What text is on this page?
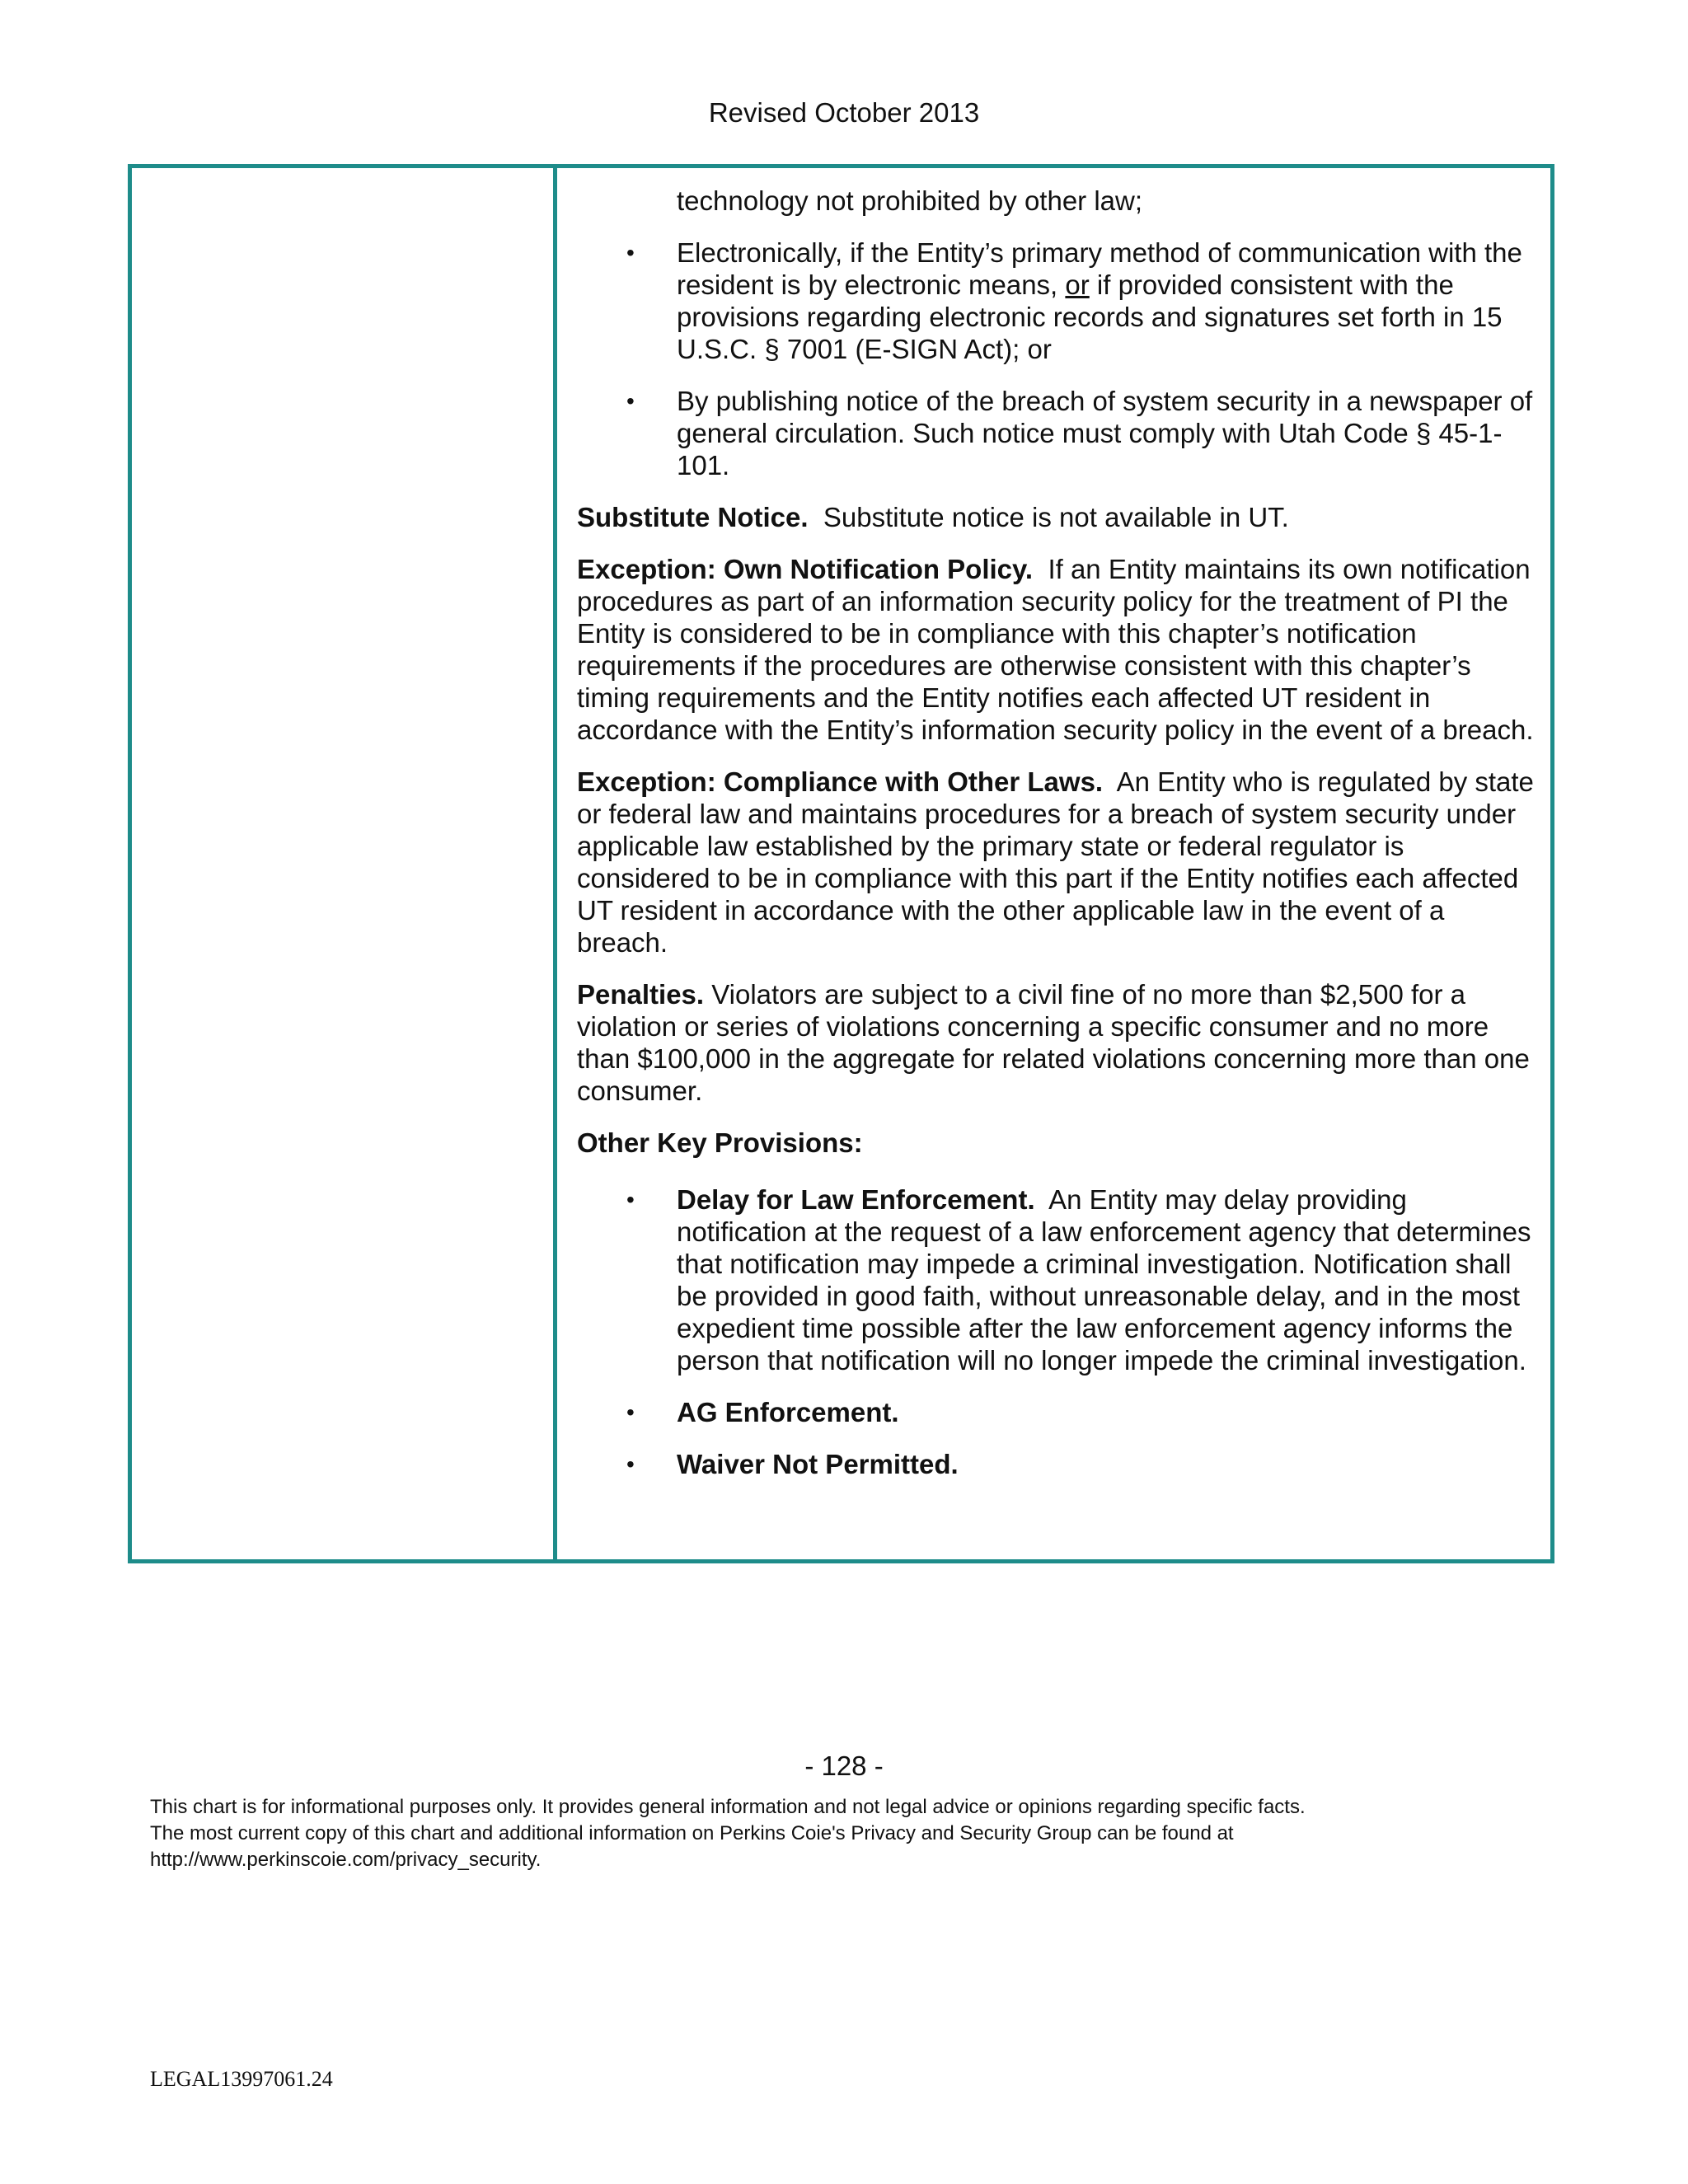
Revised October 2013

technology not prohibited by other law;

• Electronically, if the Entity’s primary method of communication with the resident is by electronic means, or if provided consistent with the provisions regarding electronic records and signatures set forth in 15 U.S.C. § 7001 (E-SIGN Act); or
• By publishing notice of the breach of system security in a newspaper of general circulation. Such notice must comply with Utah Code § 45-1-101.

Substitute Notice.  Substitute notice is not available in UT.

Exception: Own Notification Policy.  If an Entity maintains its own notification procedures as part of an information security policy for the treatment of PI the Entity is considered to be in compliance with this chapter’s notification requirements if the procedures are otherwise consistent with this chapter’s timing requirements and the Entity notifies each affected UT resident in accordance with the Entity’s information security policy in the event of a breach.

Exception: Compliance with Other Laws.  An Entity who is regulated by state or federal law and maintains procedures for a breach of system security under applicable law established by the primary state or federal regulator is considered to be in compliance with this part if the Entity notifies each affected UT resident in accordance with the other applicable law in the event of a breach.

Penalties. Violators are subject to a civil fine of no more than $2,500 for a violation or series of violations concerning a specific consumer and no more than $100,000 in the aggregate for related violations concerning more than one consumer.

Other Key Provisions:

• Delay for Law Enforcement.  An Entity may delay providing notification at the request of a law enforcement agency that determines that notification may impede a criminal investigation. Notification shall be provided in good faith, without unreasonable delay, and in the most expedient time possible after the law enforcement agency informs the person that notification will no longer impede the criminal investigation.
• AG Enforcement.
• Waiver Not Permitted.
- 128 -
This chart is for informational purposes only. It provides general information and not legal advice or opinions regarding specific facts.
The most current copy of this chart and additional information on Perkins Coie's Privacy and Security Group can be found at
http://www.perkinscoie.com/privacy_security.
LEGAL13997061.24
